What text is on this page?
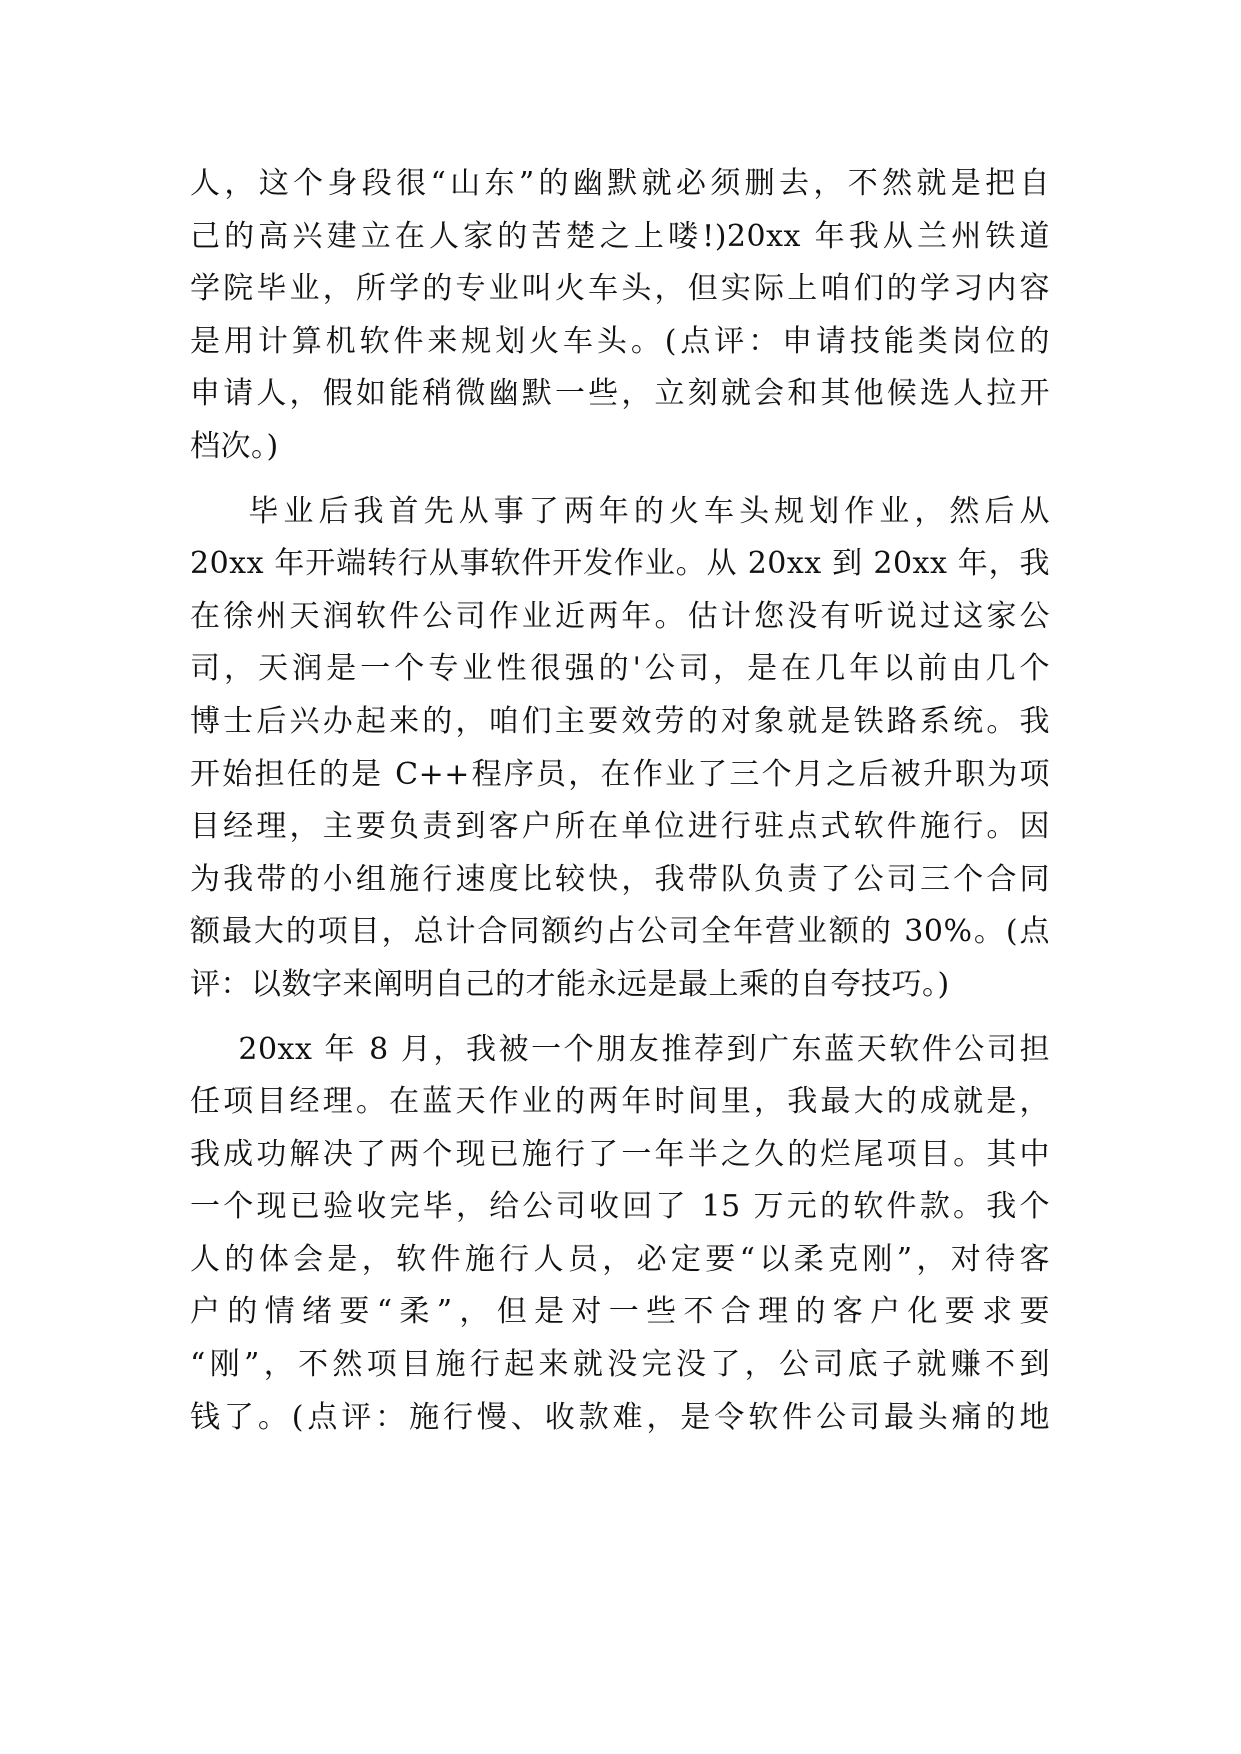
人，这个身段很“山东”的幽默就必须删去，不然就是把自
己的高兴建立在人家的苦楚之上喽!)20xx 年我从兰州铁道
学院毕业，所学的专业叫火车头，但实际上咱们的学习内容
是用计算机软件来规划火车头。(点评：申请技能类岗位的
申请人，假如能稍微幽默一些，立刻就会和其他候选人拉开
档次。)
毕业后我首先从事了两年的火车头规划作业，然后从
20xx 年开端转行从事软件开发作业。从 20xx 到 20xx 年，我
在徐州天润软件公司作业近两年。估计您没有听说过这家公
司，天润是一个专业性很强的'公司，是在几年以前由几个
博士后兴办起来的，咱们主要效劳的对象就是铁路系统。我
开始担任的是 C++程序员，在作业了三个月之后被升职为项
目经理，主要负责到客户所在单位进行驻点式软件施行。因
为我带的小组施行速度比较快，我带队负责了公司三个合同
额最大的项目，总计合同额约占公司全年营业额的 30%。(点
评：以数字来阐明自己的才能永远是最上乘的自夸技巧。)
20xx 年 8 月，我被一个朋友推荐到广东蓝天软件公司担
任项目经理。在蓝天作业的两年时间里，我最大的成就是，
我成功解决了两个现已施行了一年半之久的烂尾项目。其中
一个现已验收完毕，给公司收回了 15 万元的软件款。我个
人的体会是，软件施行人员，必定要“以柔克刚”，对待客
户的情绪要“柔”，但是对一些不合理的客户化要求要
“刚”，不然项目施行起来就没完没了，公司底子就赚不到
钱了。(点评：施行慢、收款难，是令软件公司最头痛的地
